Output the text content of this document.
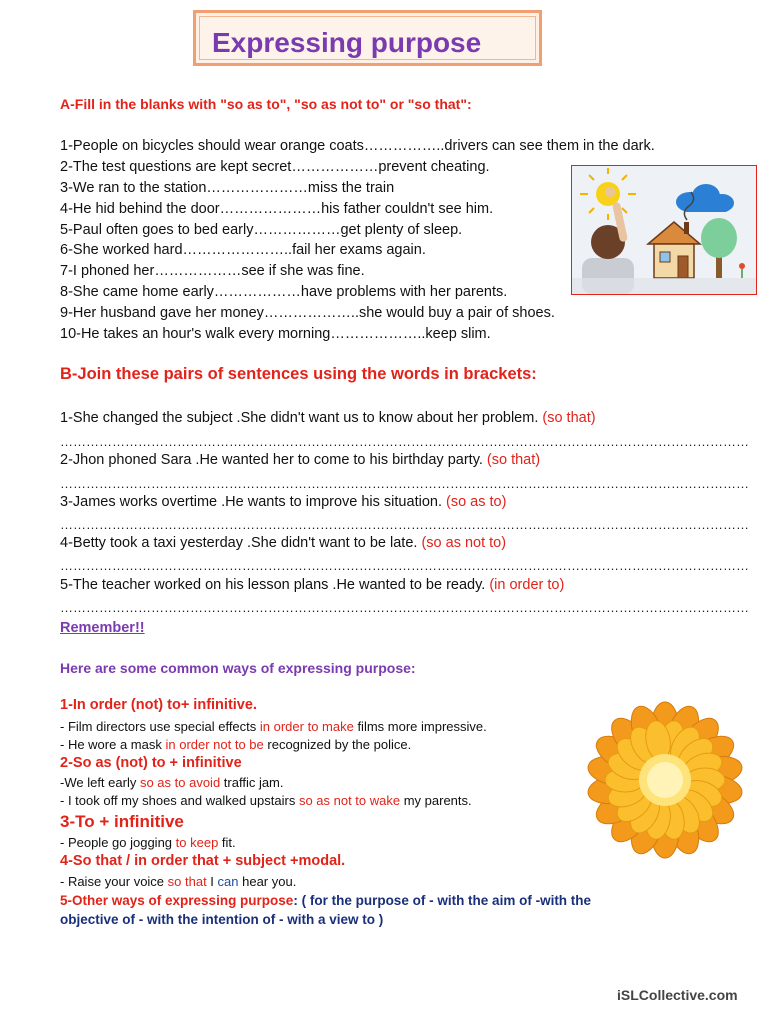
Expressing purpose
A-Fill in the blanks with "so as to", "so as not to" or "so that":
1-People on bicycles should wear orange coats……………..drivers can see them in the dark.
2-The test questions are kept secret………………prevent cheating.
3-We ran to the station…………………miss the train
4-He hid behind the door…………………his father couldn't see him.
5-Paul often goes to bed early………………get plenty of sleep.
6-She worked hard…………………..fail her exams again.
7-I phoned her………………see if she was fine.
8-She came home early………………have problems with her parents.
9-Her husband gave her money………………..she would buy a pair of shoes.
10-He takes an hour's walk every morning………………..keep slim.
B-Join these pairs of sentences using the words in brackets:
1-She changed the subject .She didn't want us to know about her problem. (so that)
……………………………………………………………………………………………………………………………………………
2-Jhon phoned Sara .He wanted her to come to his birthday party. (so that)
……………………………………………………………………………………………………………………………………………
3-James works overtime .He wants to improve his situation. (so as to)
……………………………………………………………………………………………………………………………………………
4-Betty took a taxi yesterday .She didn't want to be late. (so as not to)
……………………………………………………………………………………………………………………………………………
5-The teacher worked on his lesson plans .He wanted to be ready. (in order to)
……………………………………………………………………………………………………………………………………………
Remember!!
Here are some common ways of expressing purpose:
1-In order (not) to+ infinitive.
- Film directors use special effects in order to make films more impressive.
- He wore a mask in order not to be recognized by the police.
2-So as (not) to + infinitive
-We left early so as to avoid traffic jam.
- I took off my shoes and walked upstairs so as not to wake my parents.
3-To + infinitive
- People go jogging to keep fit.
4-So that / in order that + subject +modal.
- Raise your voice so that I can hear you.
5-Other ways of expressing purpose: ( for the purpose of - with the aim of -with the
objective of - with the intention of - with a view to )
iSLCollective.com
